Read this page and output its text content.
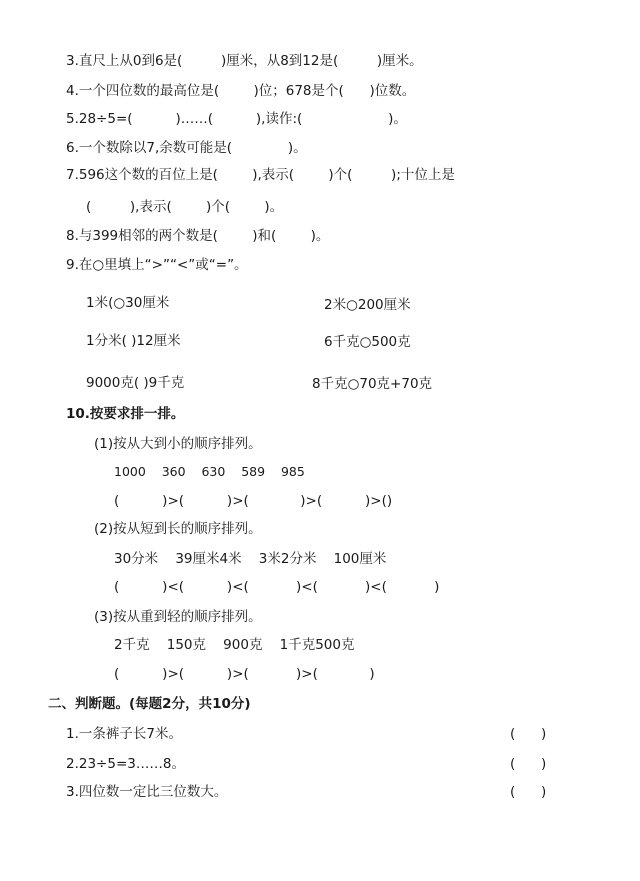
3.直尺上从0到6是(         )厘米，从8到12是(         )厘米。
4.一个四位数的最高位是(        )位；678是个(      )位数。
5.28÷5=(          )……(          ),读作:(                    )。
6.一个数除以7,余数可能是(             )。
7.596这个数的百位上是(        ),表示(        )个(         );十位上是
(         ),表示(        )个(        )。
8.与399相邻的两个数是(        )和(        )。
9.在○里填上“>”“<”或“=”。
1米(○30厘米	2米○200厘米
1分米( )12厘米	6千克○500克
9000克( )9千克	8千克○70克+70克
10.按要求排一排。
(1)按从大到小的顺序排列。
1000    360    630    589    985
(          )>(          )>(            )>(          )>()
(2)按从短到长的顺序排列。
30分米    39厘米4米    3米2分米    100厘米
(          )<(          )<(           )<(           )<(           )
(3)按从重到轻的顺序排列。
2千克    150克    900克    1千克500克
(          )>(          )>(           )>(            )
二、判断题。(每题2分，共10分)
1.一条裤子长7米。	(      )
2.23÷5=3……8。	(      )
3.四位数一定比三位数大。	(      )
